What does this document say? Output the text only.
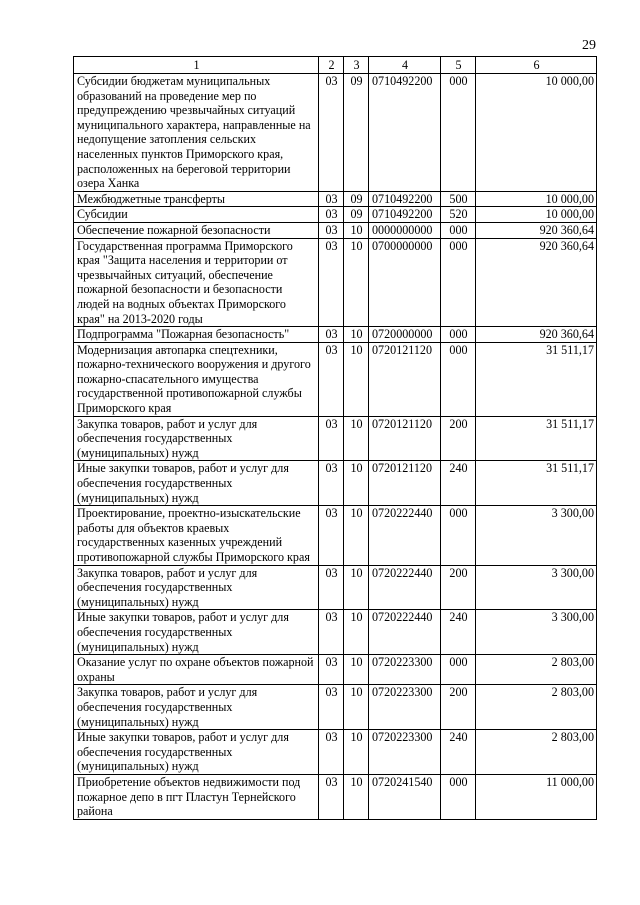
29
1	2	3	4	5	6
Субсидии бюджетам муниципальных образований на проведение мер по предупреждению чрезвычайных ситуаций муниципального характера, направленные на недопущение затопления сельских населенных пунктов Приморского края, расположенных на береговой территории озера Ханка	03	09	0710492200	000	10 000,00
Межбюджетные трансферты	03	09	0710492200	500	10 000,00
Субсидии	03	09	0710492200	520	10 000,00
Обеспечение пожарной безопасности	03	10	0000000000	000	920 360,64
Государственная программа Приморского края "Защита населения и территории от чрезвычайных ситуаций, обеспечение пожарной безопасности и безопасности людей на водных объектах Приморского края" на 2013-2020 годы	03	10	0700000000	000	920 360,64
Подпрограмма "Пожарная безопасность"	03	10	0720000000	000	920 360,64
Модернизация автопарка спецтехники, пожарно-технического вооружения и другого пожарно-спасательного имущества государственной противопожарной службы Приморского края	03	10	0720121120	000	31 511,17
Закупка товаров, работ и услуг для обеспечения государственных (муниципальных) нужд	03	10	0720121120	200	31 511,17
Иные закупки товаров, работ и услуг для обеспечения государственных (муниципальных) нужд	03	10	0720121120	240	31 511,17
Проектирование, проектно-изыскательские работы для объектов краевых государственных казенных учреждений противопожарной службы Приморского края	03	10	0720222440	000	3 300,00
Закупка товаров, работ и услуг для обеспечения государственных (муниципальных) нужд	03	10	0720222440	200	3 300,00
Иные закупки товаров, работ и услуг для обеспечения государственных (муниципальных) нужд	03	10	0720222440	240	3 300,00
Оказание услуг по охране объектов пожарной охраны	03	10	0720223300	000	2 803,00
Закупка товаров, работ и услуг для обеспечения государственных (муниципальных) нужд	03	10	0720223300	200	2 803,00
Иные закупки товаров, работ и услуг для обеспечения государственных (муниципальных) нужд	03	10	0720223300	240	2 803,00
Приобретение объектов недвижимости под пожарное депо в пгт Пластун Тернейского района	03	10	0720241540	000	11 000,00
